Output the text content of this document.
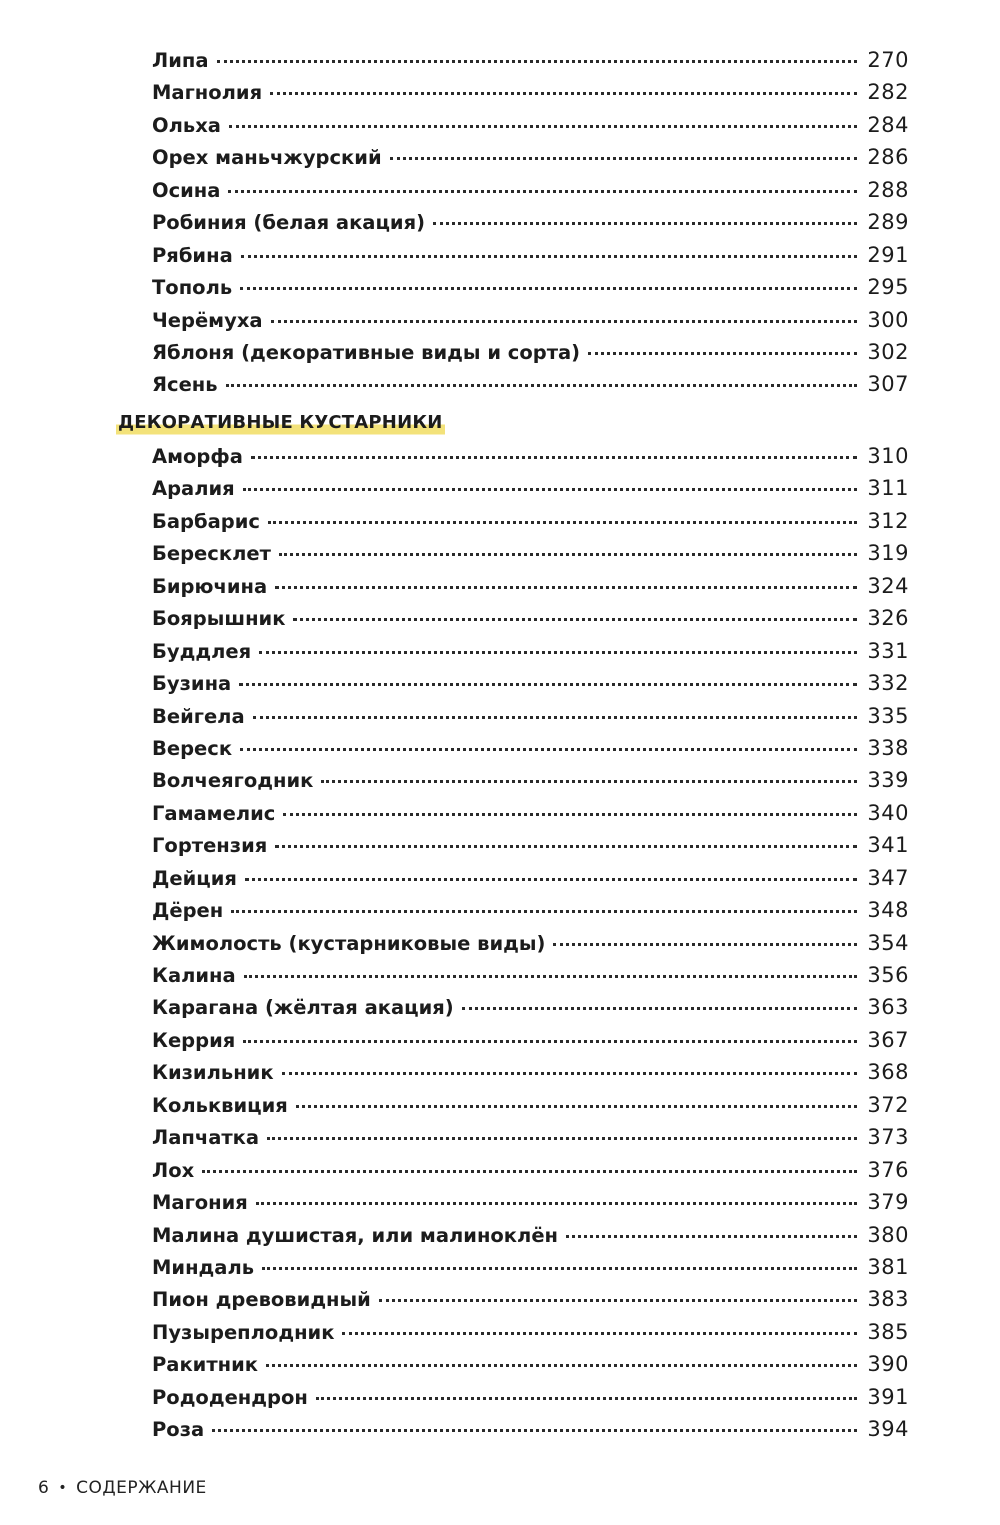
Липа	270
Магнолия	282
Ольха	284
Орех маньчжурский	286
Осина	288
Робиния (белая акация)	289
Рябина	291
Тополь	295
Черёмуха	300
Яблоня (декоративные виды и сорта)	302
Ясень	307
ДЕКОРАТИВНЫЕ КУСТАРНИКИ
Аморфа	310
Аралия	311
Барбарис	312
Бересклет	319
Бирючина	324
Боярышник	326
Буддлея	331
Бузина	332
Вейгела	335
Вереск	338
Волчеягодник	339
Гамамелис	340
Гортензия	341
Дейция	347
Дёрен	348
Жимолость (кустарниковые виды)	354
Калина	356
Карагана (жёлтая акация)	363
Керрия	367
Кизильник	368
Кольквиция	372
Лапчатка	373
Лох	376
Магония	379
Малина душистая, или малиноклён	380
Миндаль	381
Пион древовидный	383
Пузыреплодник	385
Ракитник	390
Рододендрон	391
Роза	394
6 • СОДЕРЖАНИЕ
